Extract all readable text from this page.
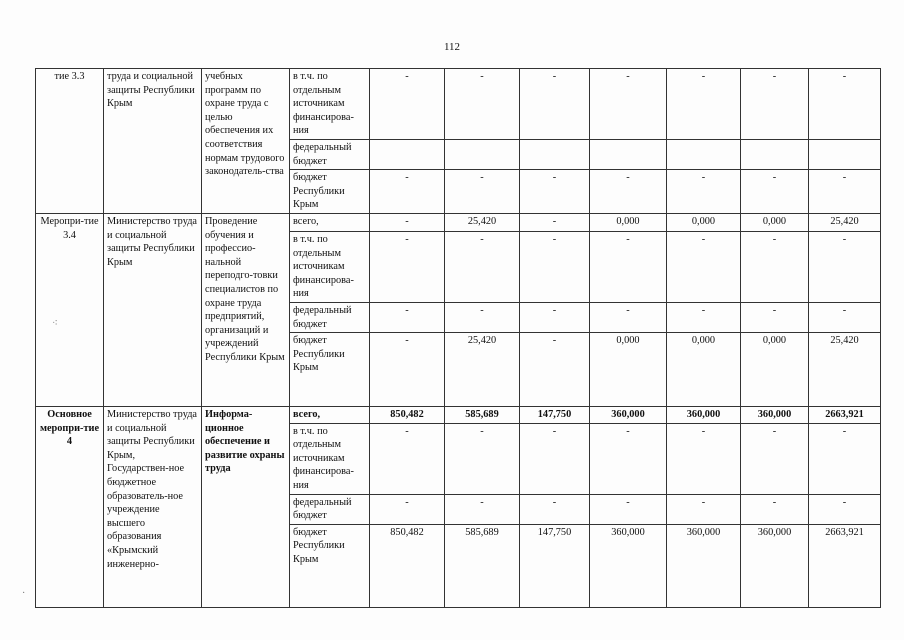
112
тие 3.3	труда и социальной защиты Республики Крым	учебных программ по охране труда с целью обеспечения их соответствия нормам трудового законодатель-ства	в т.ч. по отдельным источникам финансирова-ния	-	-	-	-	-	-	-
			федеральный бюджет							
			бюджет Республики Крым	-	-	-	-	-	-	-
Меропри-тие 3.4	Министерство труда и социальной защиты Республики Крым	Проведение обучения и профессио-нальной переподго-товки специалистов по охране труда предприятий, организаций и учреждений Республики Крым	всего,	-	25,420	-	0,000	0,000	0,000	25,420
			в т.ч. по отдельным источникам финансирова-ния	-	-	-	-	-	-	-
			федеральный бюджет	-	-	-	-	-	-	-
			бюджет Республики Крым	-	25,420	-	0,000	0,000	0,000	25,420
Основное меропри-тие 4	Министерство труда и социальной защиты Республики Крым, Государствен-ное бюджетное образователь-ное учреждение высшего образования «Крымский инженерно-	Информа-ционное обеспечение и развитие охраны труда	всего,	850,482	585,689	147,750	360,000	360,000	360,000	2663,921
			в т.ч. по отдельным источникам финансирова-ния	-	-	-	-	-	-	-
			федеральный бюджет	-	-	-	-	-	-	-
			бюджет Республики Крым	850,482	585,689	147,750	360,000	360,000	360,000	2663,921
⁖
·
